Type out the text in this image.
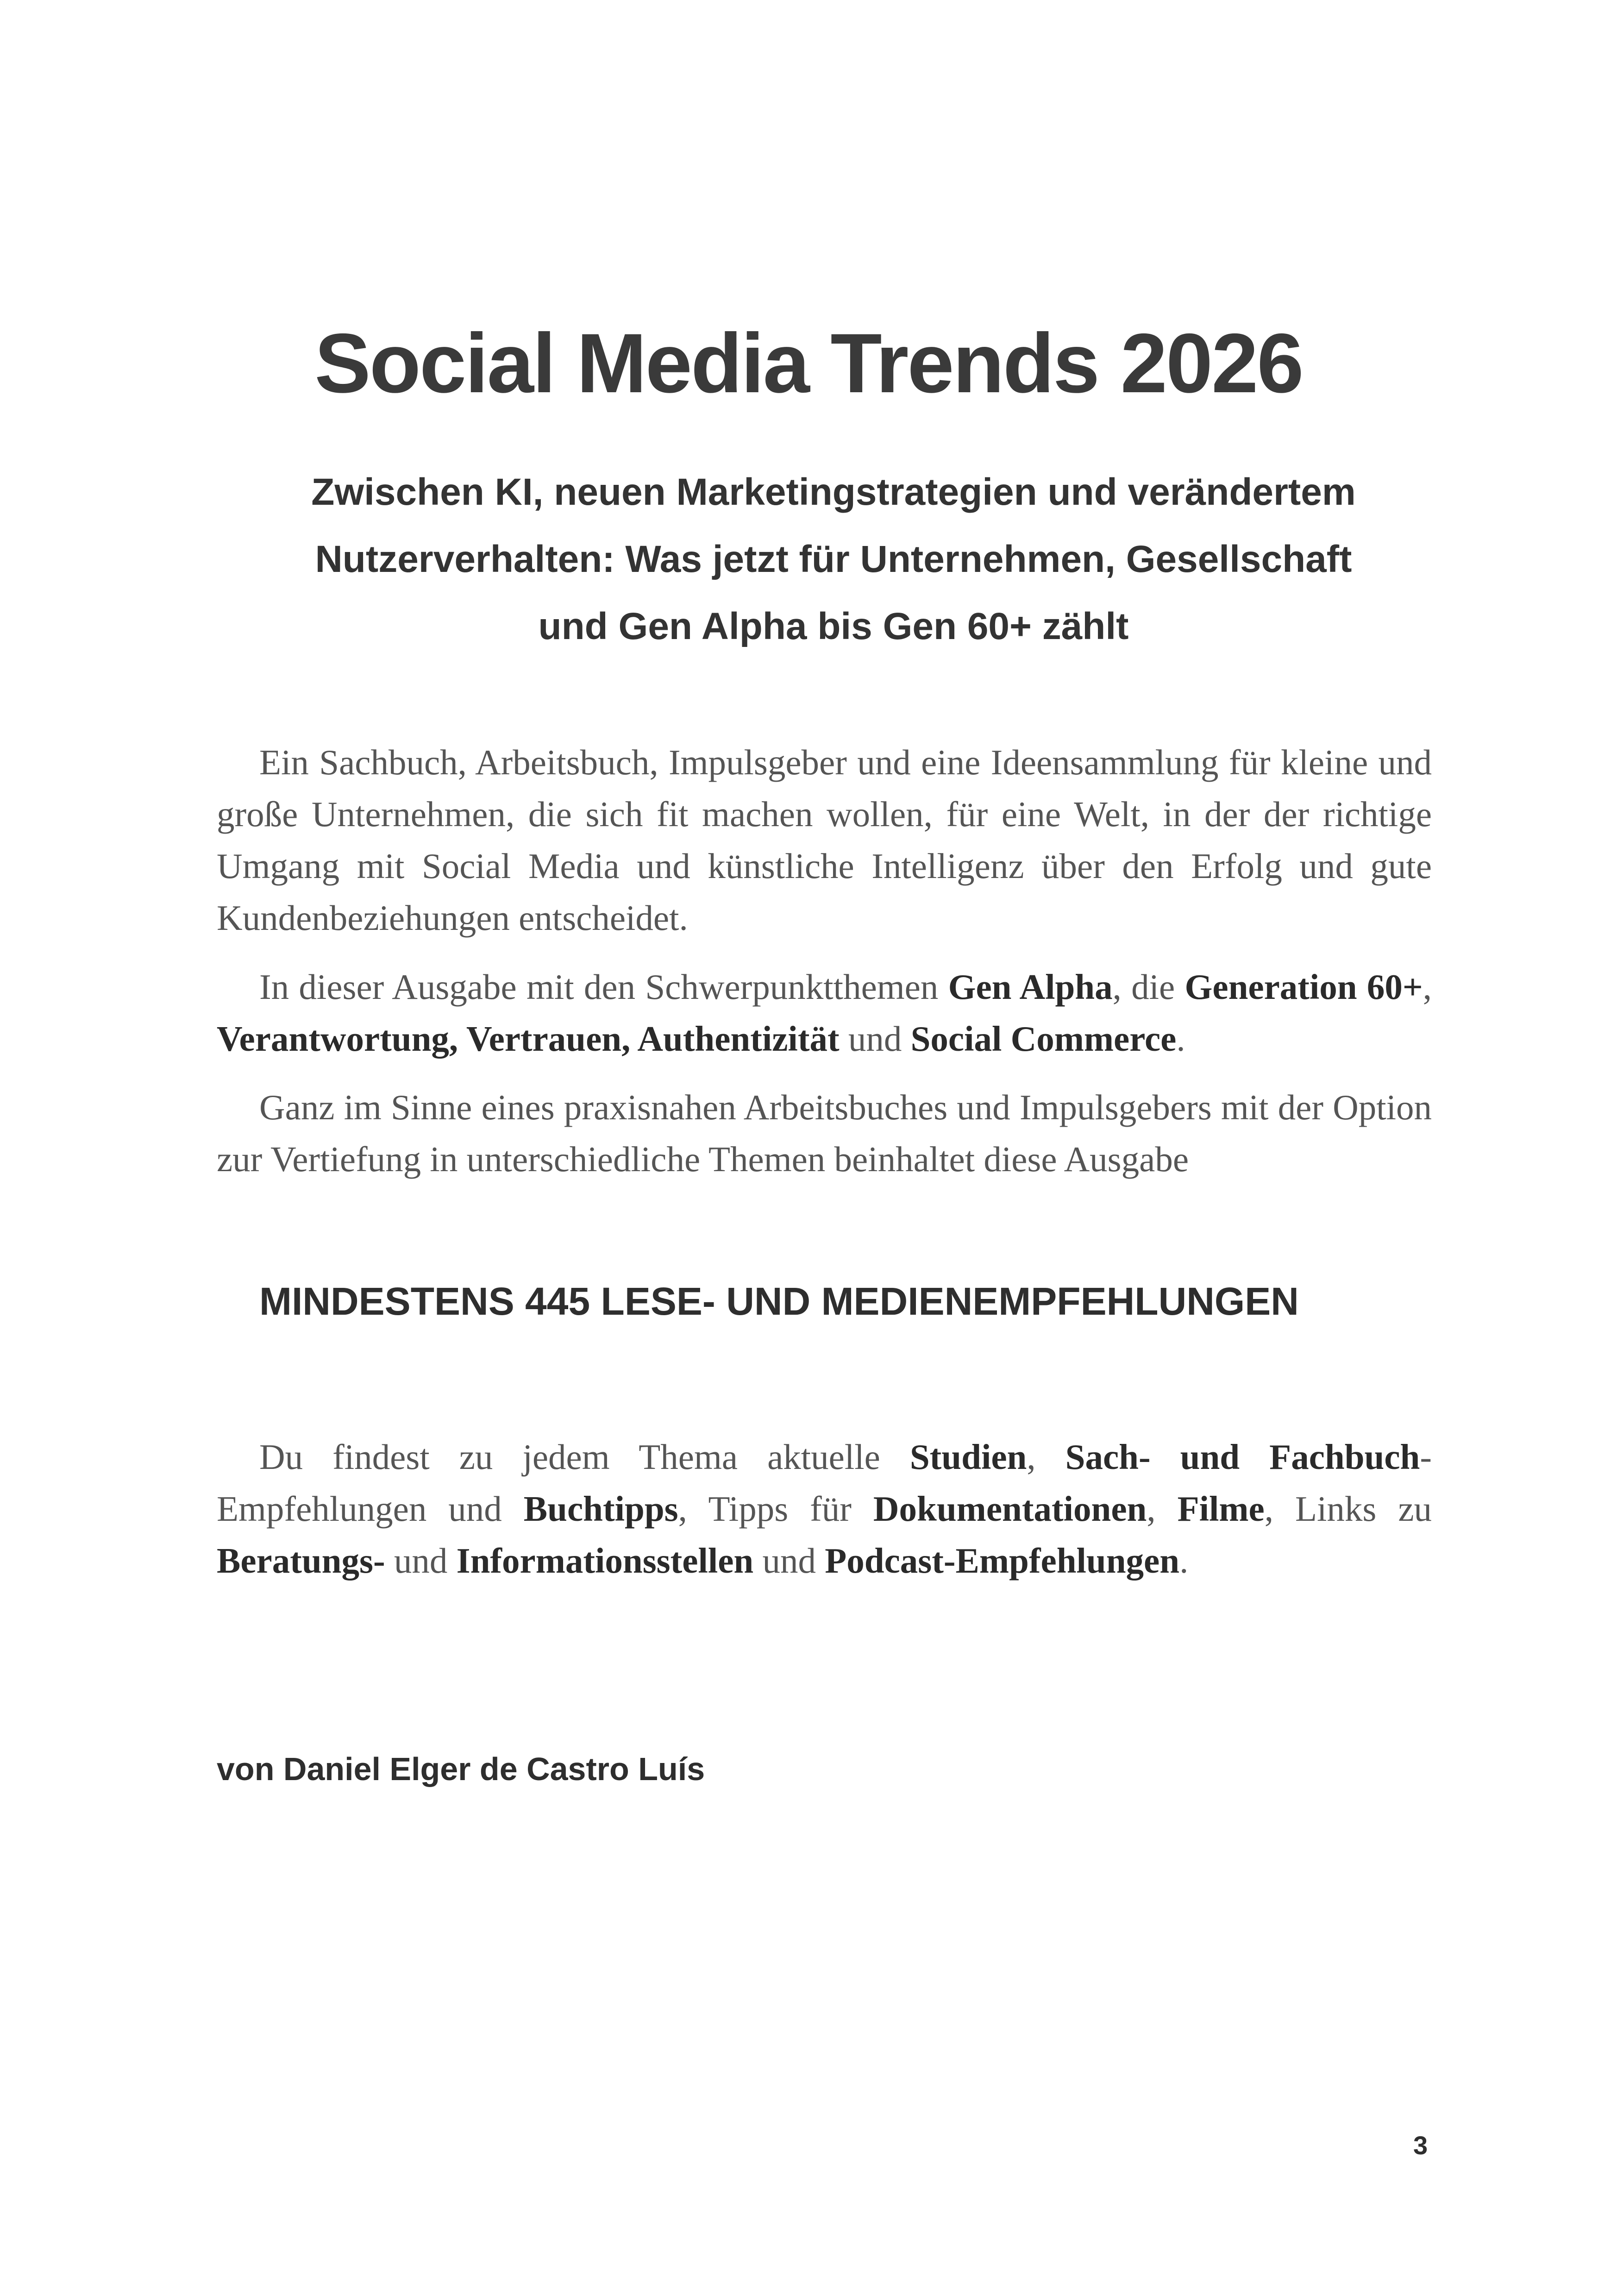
Social Media Trends 2026
Zwischen KI, neuen Marketingstrategien und verändertem
Nutzerverhalten: Was jetzt für Unternehmen, Gesellschaft
und Gen Alpha bis Gen 60+ zählt

Ein Sachbuch, Arbeitsbuch, Impulsgeber und eine Ideensammlung für kleine und große Unternehmen, die sich fit machen wollen, für eine Welt, in der der richtige Umgang mit Social Media und künstliche Intelligenz über den Erfolg und gute Kundenbeziehungen entscheidet.

In dieser Ausgabe mit den Schwerpunktthemen Gen Alpha, die Generation 60+, Verantwortung, Vertrauen, Authentizität und Social Commerce.

Ganz im Sinne eines praxisnahen Arbeitsbuches und Impulsgebers mit der Option zur Vertiefung in unterschiedliche Themen beinhaltet diese Ausgabe

MINDESTENS 445 LESE- UND MEDIENEMPFEHLUNGEN

Du findest zu jedem Thema aktuelle Studien, Sach- und Fachbuch-Empfehlungen und Buchtipps, Tipps für Dokumentationen, Filme, Links zu Beratungs- und Informationsstellen und Podcast-Empfehlungen.

von Daniel Elger de Castro Luís
3
